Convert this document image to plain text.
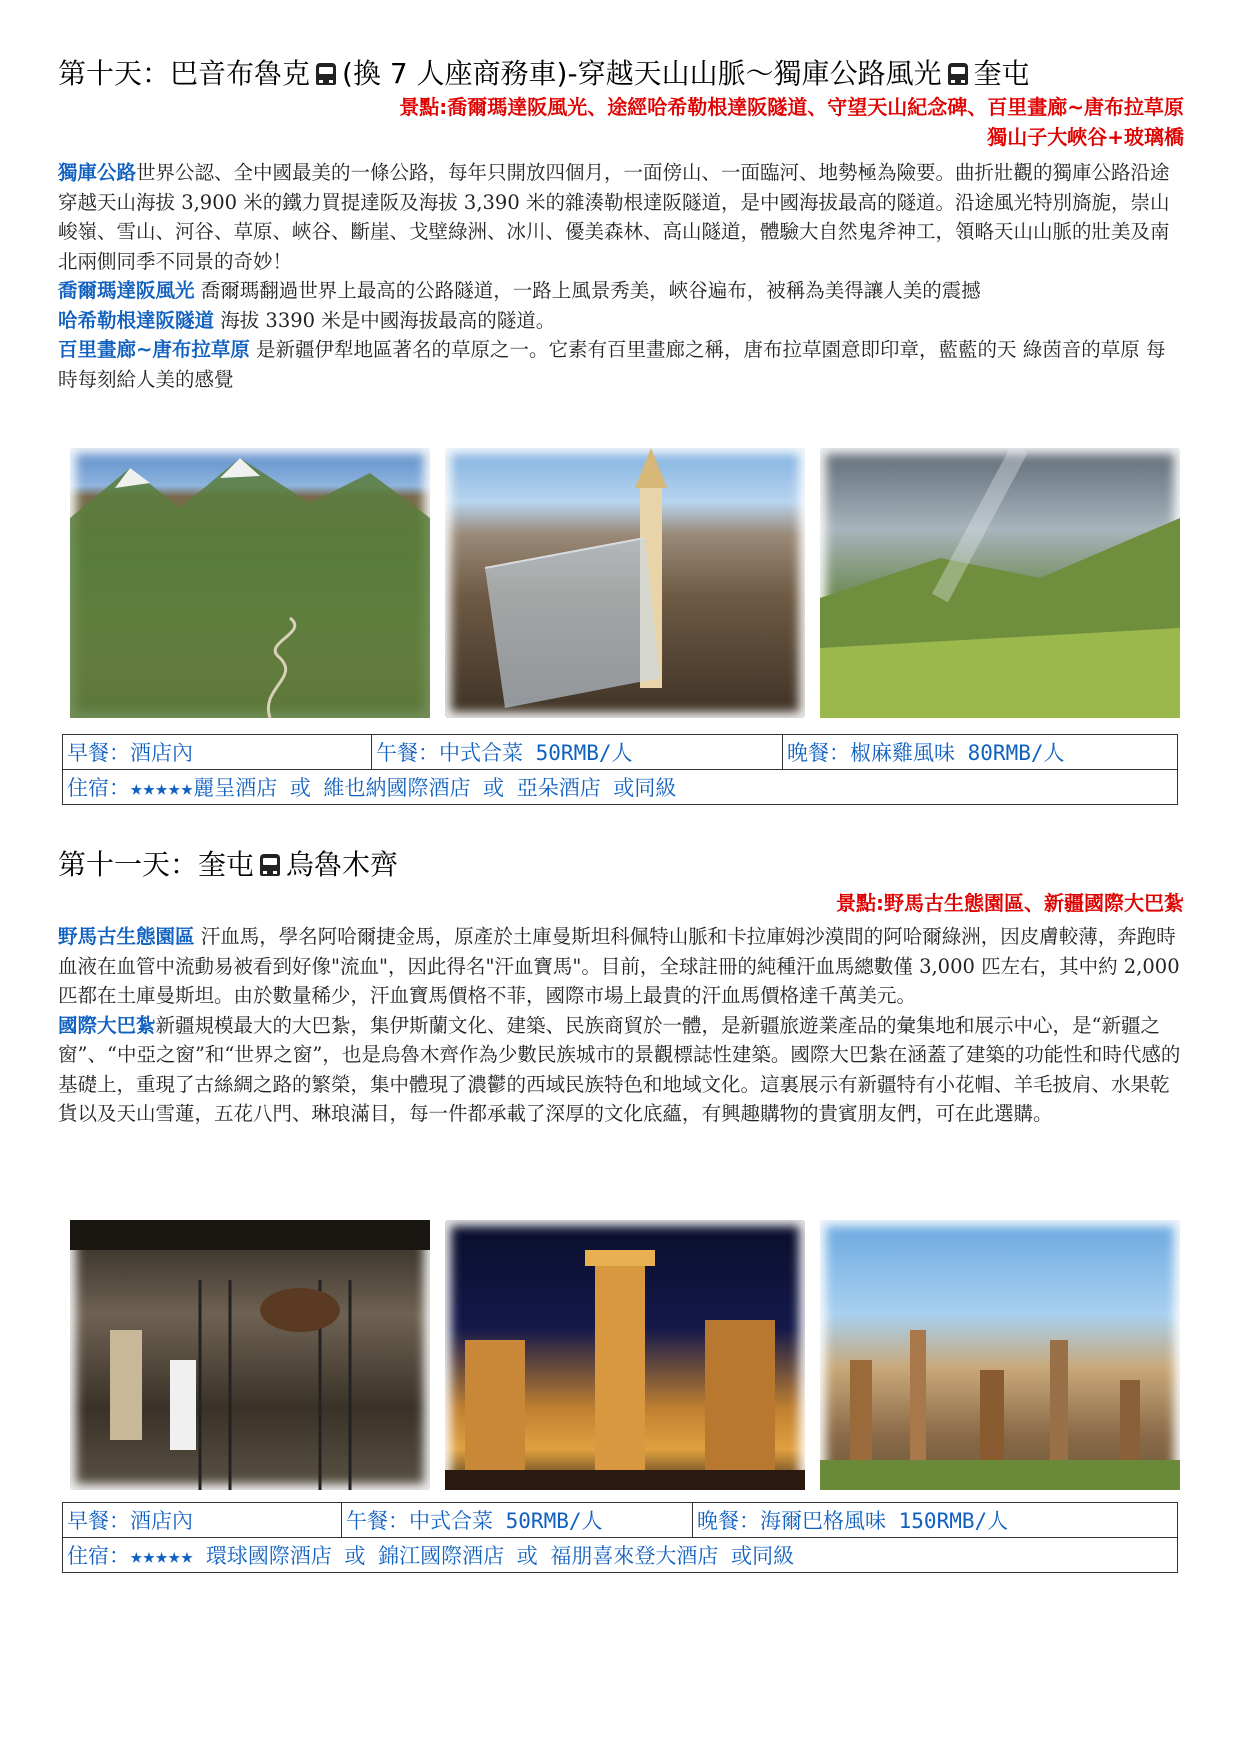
第十天：巴音布魯克 (換 7 人座商務車)-穿越天山山脈～獨庫公路風光 奎屯
景點:喬爾瑪達阪風光、途經哈希勒根達阪隧道、守望天山紀念碑、百里畫廊~唐布拉草原
獨山子大峽谷+玻璃橋

獨庫公路世界公認、全中國最美的一條公路，每年只開放四個月，一面傍山、一面臨河、地勢極為險要。曲折壯觀的獨庫公路沿途穿越天山海拔 3,900 米的鐵力買提達阪及海拔 3,390 米的雜湊勒根達阪隧道，是中國海拔最高的隧道。沿途風光特別旖旎，崇山峻嶺、雪山、河谷、草原、峽谷、斷崖、戈壁綠洲、冰川、優美森林、高山隧道，體驗大自然鬼斧神工，領略天山山脈的壯美及南北兩側同季不同景的奇妙！

喬爾瑪達阪風光 喬爾瑪翻過世界上最高的公路隧道，一路上風景秀美，峽谷遍布，被稱為美得讓人美的震撼

哈希勒根達阪隧道 海拔 3390 米是中國海拔最高的隧道。

百里畫廊~唐布拉草原 是新疆伊犁地區著名的草原之一。它素有百里畫廊之稱，唐布拉草園意即印章，藍藍的天 綠茵音的草原 每時每刻給人美的感覺

早餐：酒店內	午餐：中式合菜 50RMB/人	晚餐：椒麻雞風味 80RMB/人
住宿：★★★★★麗呈酒店 或 維也納國際酒店 或 亞朵酒店 或同級
第十一天：奎屯 烏魯木齊
景點:野馬古生態園區、新疆國際大巴紮

野馬古生態園區 汗血馬，學名阿哈爾捷金馬，原產於土庫曼斯坦科佩特山脈和卡拉庫姆沙漠間的阿哈爾綠洲，因皮膚較薄，奔跑時血液在血管中流動易被看到好像"流血"，因此得名"汗血寶馬"。目前，全球註冊的純種汗血馬總數僅 3,000 匹左右，其中約 2,000 匹都在土庫曼斯坦。由於數量稀少，汗血寶馬價格不菲，國際市場上最貴的汗血馬價格達千萬美元。

國際大巴紮新疆規模最大的大巴紮，集伊斯蘭文化、建築、民族商貿於一體，是新疆旅遊業產品的彙集地和展示中心，是“新疆之窗”、“中亞之窗”和“世界之窗”，也是烏魯木齊作為少數民族城市的景觀標誌性建築。國際大巴紮在涵蓋了建築的功能性和時代感的基礎上，重現了古絲綢之路的繁榮，集中體現了濃鬱的西域民族特色和地域文化。這裏展示有新疆特有小花帽、羊毛披肩、水果乾貨以及天山雪蓮，五花八門、琳琅滿目，每一件都承載了深厚的文化底蘊，有興趣購物的貴賓朋友們，可在此選購。

早餐：酒店內	午餐：中式合菜 50RMB/人	晚餐：海爾巴格風味 150RMB/人
住宿：★★★★★ 環球國際酒店 或 錦江國際酒店 或 福朋喜來登大酒店 或同級
